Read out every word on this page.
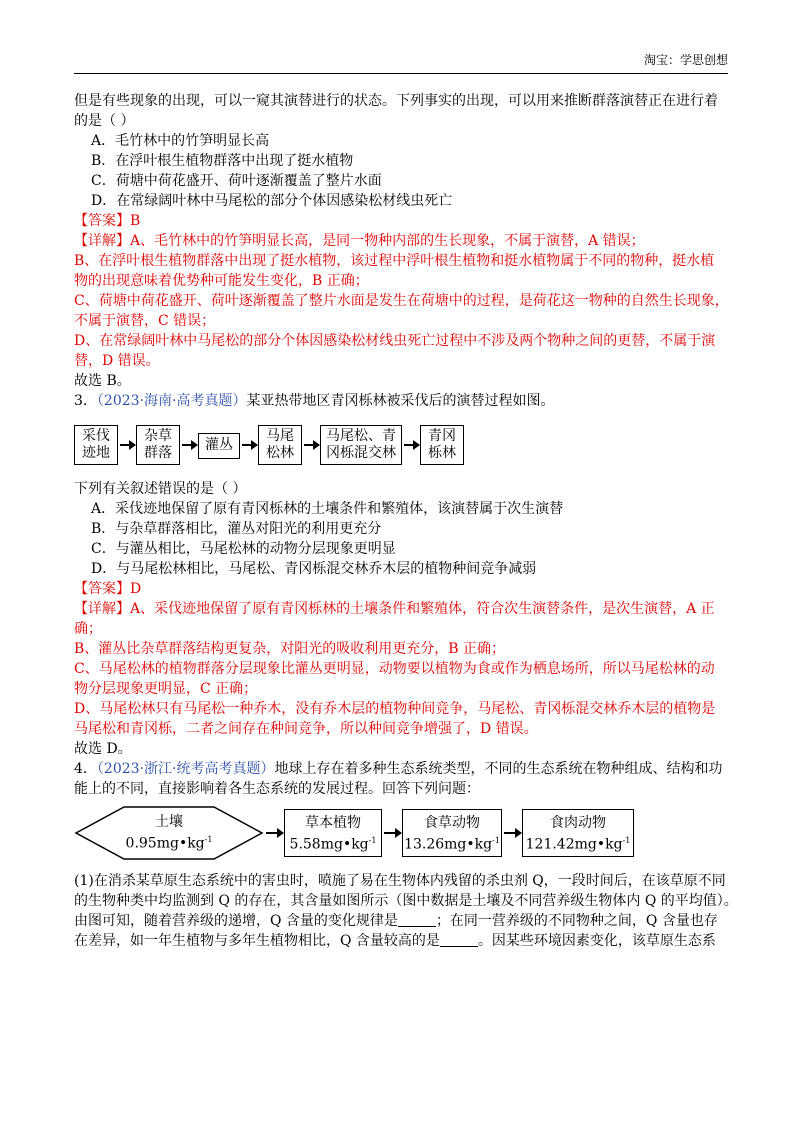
淘宝：学思创想
但是有些现象的出现，可以一窥其演替进行的状态。下列事实的出现，可以用来推断群落演替正在进行着
的是（ ）
A．毛竹林中的竹笋明显长高
B．在浮叶根生植物群落中出现了挺水植物
C．荷塘中荷花盛开、荷叶逐渐覆盖了整片水面
D．在常绿阔叶林中马尾松的部分个体因感染松材线虫死亡
【答案】B
【详解】A、毛竹林中的竹笋明显长高，是同一物种内部的生长现象，不属于演替，A 错误；
B、在浮叶根生植物群落中出现了挺水植物，该过程中浮叶根生植物和挺水植物属于不同的物种，挺水植
物的出现意味着优势种可能发生变化，B 正确；
C、荷塘中荷花盛开、荷叶逐渐覆盖了整片水面是发生在荷塘中的过程，是荷花这一物种的自然生长现象，
不属于演替，C 错误；
D、在常绿阔叶林中马尾松的部分个体因感染松材线虫死亡过程中不涉及两个物种之间的更替，不属于演
替，D 错误。
故选 B。
3．（2023·海南·高考真题）某亚热带地区青冈栎林被采伐后的演替过程如图。
采伐
迹地
杂草
群落	灌丛
马尾
松林
马尾松、青
冈栎混交林
青冈
栎林
下列有关叙述错误的是（ ）
A．采伐迹地保留了原有青冈栎林的土壤条件和繁殖体，该演替属于次生演替
B．与杂草群落相比，灌丛对阳光的利用更充分
C．与灌丛相比，马尾松林的动物分层现象更明显
D．与马尾松林相比，马尾松、青冈栎混交林乔木层的植物种间竞争减弱
【答案】D
【详解】A、采伐迹地保留了原有青冈栎林的土壤条件和繁殖体，符合次生演替条件，是次生演替，A 正
确；
B、灌丛比杂草群落结构更复杂，对阳光的吸收利用更充分，B 正确；
C、马尾松林的植物群落分层现象比灌丛更明显，动物要以植物为食或作为栖息场所，所以马尾松林的动
物分层现象更明显，C 正确；
D、马尾松林只有马尾松一种乔木，没有乔木层的植物种间竞争，马尾松、青冈栎混交林乔木层的植物是
马尾松和青冈栎，二者之间存在种间竞争，所以种间竞争增强了，D 错误。
故选 D。
4．（2023·浙江·统考高考真题）地球上存在着多种生态系统类型，不同的生态系统在物种组成、结构和功
能上的不同，直接影响着各生态系统的发展过程。回答下列问题：
土壤
$0.95mg•kg^{-1}$
草本植物
$5.58mg•kg^{-1}$
食草动物
$13.26mg•kg^{-1}$
食肉动物
$121.42mg•kg^{-1}$
(1)在消杀某草原生态系统中的害虫时，喷施了易在生物体内残留的杀虫剂 Q，一段时间后，在该草原不同
的生物种类中均监测到 Q 的存在，其含量如图所示（图中数据是土壤及不同营养级生物体内 Q 的平均值）。
由图可知，随着营养级的递增，Q 含量的变化规律是	；在同一营养级的不同物种之间，Q 含量也存
在差异，如一年生植物与多年生植物相比，Q 含量较高的是	。因某些环境因素变化，该草原生态系
